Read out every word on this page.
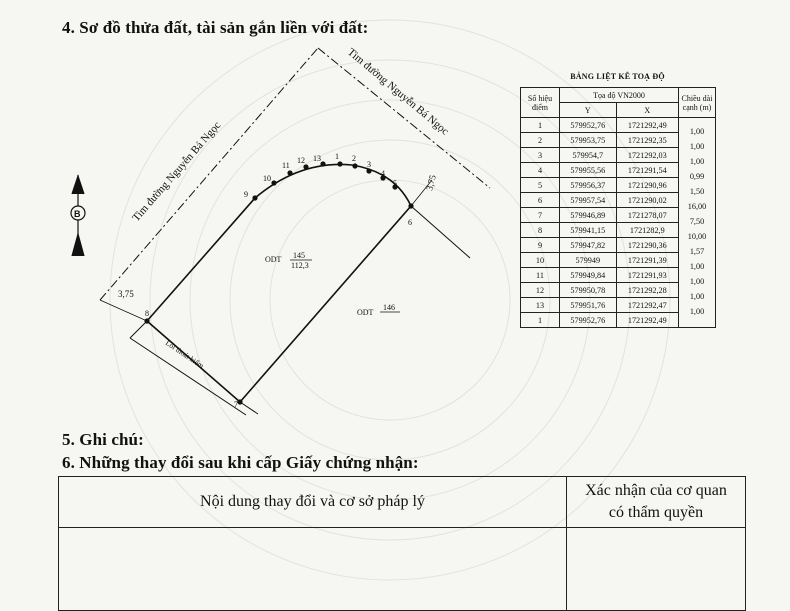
4. Sơ đồ thửa đất, tài sản gắn liền với đất:
1 2
3
4
5
6
7
8
9
10
11
12 13
Tim đường Nguyễn Bá Ngọc
Tim đường Nguyễn Bá Ngọc
3,75
3,75
ODT 145
112,3
ODT
146
Lối thoát hiểm
B
BẢNG LIỆT KÊ TOẠ ĐỘ
Số hiệu điểm	Tọa độ VN2000		Chiều dài cạnh (m)
	Y	X	
1	579952,76	1721292,49	1,00
2	579953,75	1721292,35	1,00
3	579954,7	1721292,03	1,00
4	579955,56	1721291,54	0,99
5	579956,37	1721290,96	1,50
6	579957,54	1721290,02	16,00
7	579946,89	1721278,07	7,50
8	579941,15	1721282,9	10,00
9	579947,82	1721290,36	1,57
10	579949	1721291,39	1,00
11	579949,84	1721291,93	1,00
12	579950,78	1721292,28	1,00
13	579951,76	1721292,47	1,00
1	579952,76	1721292,49	
5. Ghi chú:
6. Những thay đổi sau khi cấp Giấy chứng nhận:
Nội dung thay đổi và cơ sở pháp lý	Xác nhận của cơ quan
có thẩm quyền
